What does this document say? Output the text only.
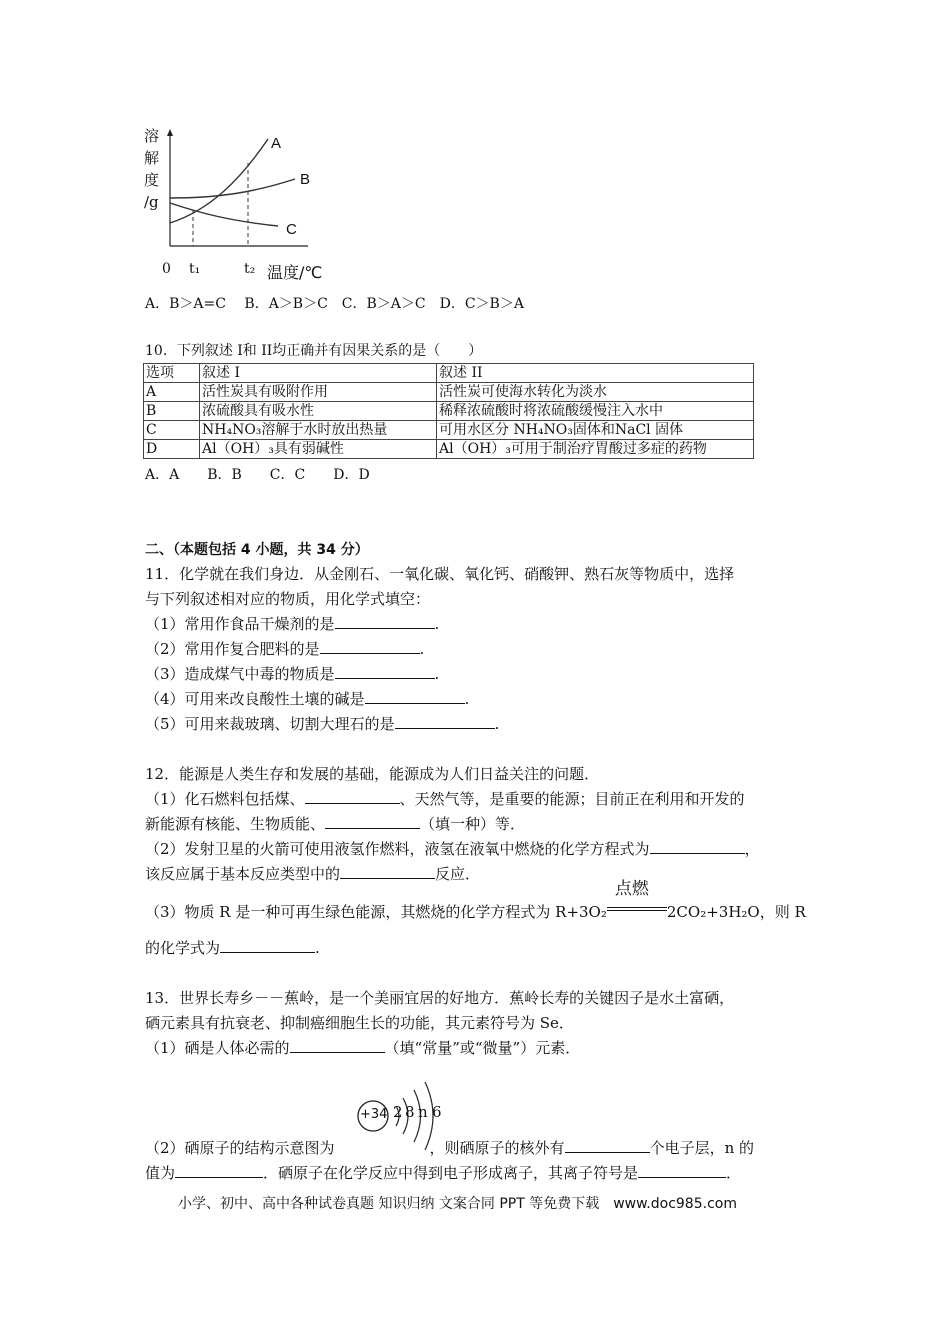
溶
解
度
/g
A
B
C
0 t₁	t₂ 温度/℃
A．B＞A=C　 B．A＞B＞C　C．B＞A＞C　D．C＞B＞A
10．下列叙述 I和 II均正确并有因果关系的是（　　）
选项	叙述 I	叙述 II
A	活性炭具有吸附作用	活性炭可使海水转化为淡水
B	浓硫酸具有吸水性	稀释浓硫酸时将浓硫酸缓慢注入水中
C	NH₄NO₃溶解于水时放出热量	可用水区分 NH₄NO₃固体和NaCl 固体
D	Al（OH）₃具有弱碱性	Al（OH）₃可用于制治疗胃酸过多症的药物
A．A　　B．B　　C．C　　D．D
二、（本题包括 4 小题，共 34 分）
11．化学就在我们身边．从金刚石、一氧化碳、氧化钙、硝酸钾、熟石灰等物质中，选择
与下列叙述相对应的物质，用化学式填空：
（1）常用作食品干燥剂的是	.
（2）常用作复合肥料的是	.
（3）造成煤气中毒的物质是	.
（4）可用来改良酸性土壤的碱是	.
（5）可用来裁玻璃、切割大理石的是	.
12．能源是人类生存和发展的基础，能源成为人们日益关注的问题．
（1）化石燃料包括煤、	、天然气等，是重要的能源；目前正在利用和开发的
新能源有核能、生物质能、	（填一种）等．
（2）发射卫星的火箭可使用液氢作燃料，液氢在液氧中燃烧的化学方程式为	，
该反应属于基本反应类型中的	反应．
（3）物质 R 是一种可再生绿色能源，其燃烧的化学方程式为 R+3O₂
点燃
2CO₂+3H₂O，则 R
的化学式为	.
13．世界长寿乡－－蕉岭，是一个美丽宜居的好地方．蕉岭长寿的关键因子是水土富硒，
硒元素具有抗衰老、抑制癌细胞生长的功能，其元素符号为 Se．
（1）硒是人体必需的	（填“常量”或“微量”）元素．
+34 2 8 n 6
（2）硒原子的结构示意图为	，则硒原子的核外有	个电子层，n 的
值为	．硒原子在化学反应中得到电子形成离子，其离子符号是	．
小学、初中、高中各种试卷真题 知识归纳 文案合同 PPT 等免费下载　www.doc985.com
